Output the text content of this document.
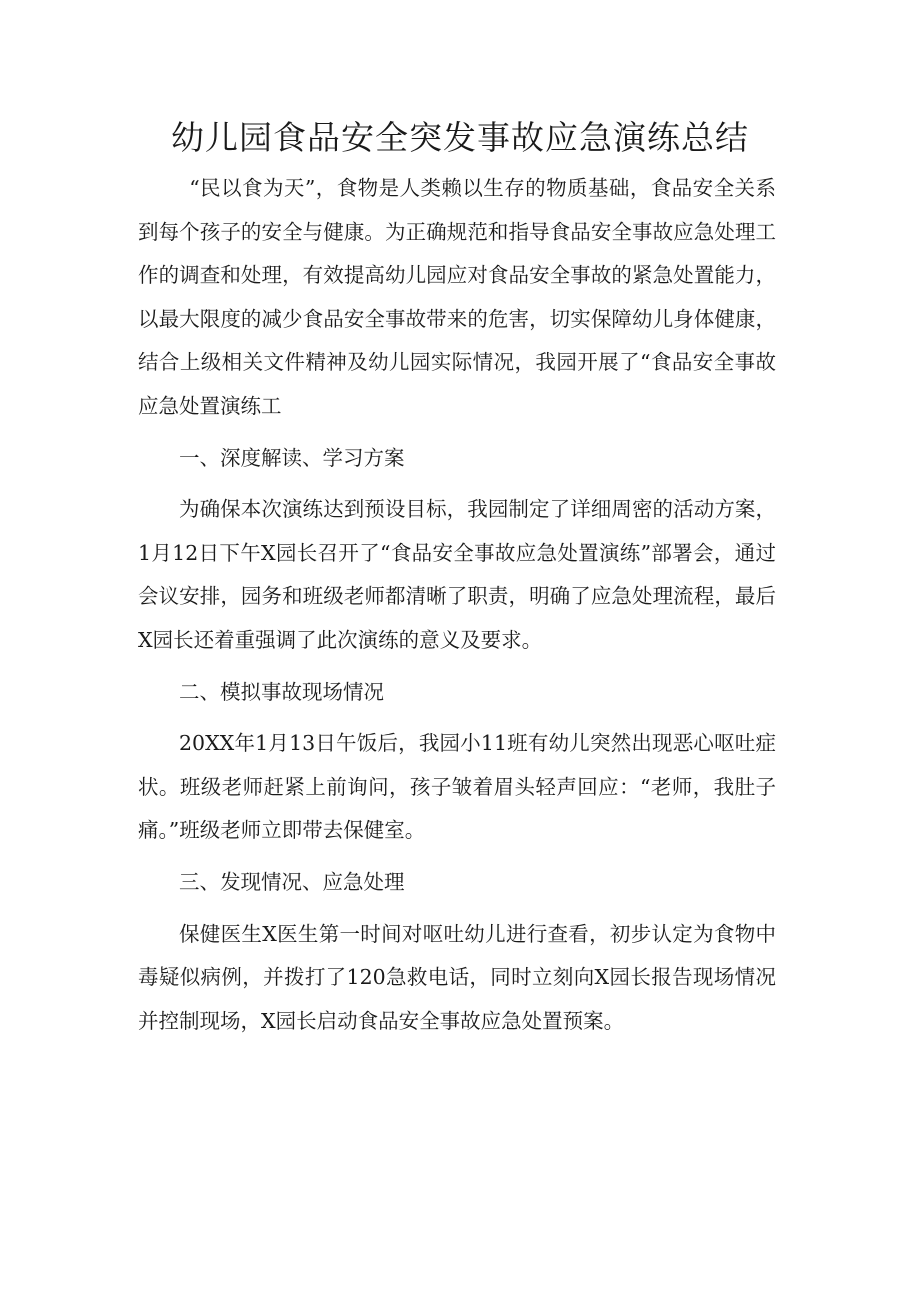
幼儿园食品安全突发事故应急演练总结

“民以食为天”，食物是人类赖以生存的物质基础，食品安全关系到每个孩子的安全与健康。为正确规范和指导食品安全事故应急处理工作的调查和处理，有效提高幼儿园应对食品安全事故的紧急处置能力，以最大限度的减少食品安全事故带来的危害，切实保障幼儿身体健康，结合上级相关文件精神及幼儿园实际情况，我园开展了“食品安全事故应急处置演练工

一、深度解读、学习方案

为确保本次演练达到预设目标，我园制定了详细周密的活动方案，1月12日下午X园长召开了“食品安全事故应急处置演练”部署会，通过会议安排，园务和班级老师都清晰了职责，明确了应急处理流程，最后X园长还着重强调了此次演练的意义及要求。

二、模拟事故现场情况

20XX年1月13日午饭后，我园小11班有幼儿突然出现恶心呕吐症状。班级老师赶紧上前询问，孩子皱着眉头轻声回应：“老师，我肚子痛。”班级老师立即带去保健室。

三、发现情况、应急处理

保健医生X医生第一时间对呕吐幼儿进行查看，初步认定为食物中毒疑似病例，并拨打了120急救电话，同时立刻向X园长报告现场情况并控制现场，X园长启动食品安全事故应急处置预案。
